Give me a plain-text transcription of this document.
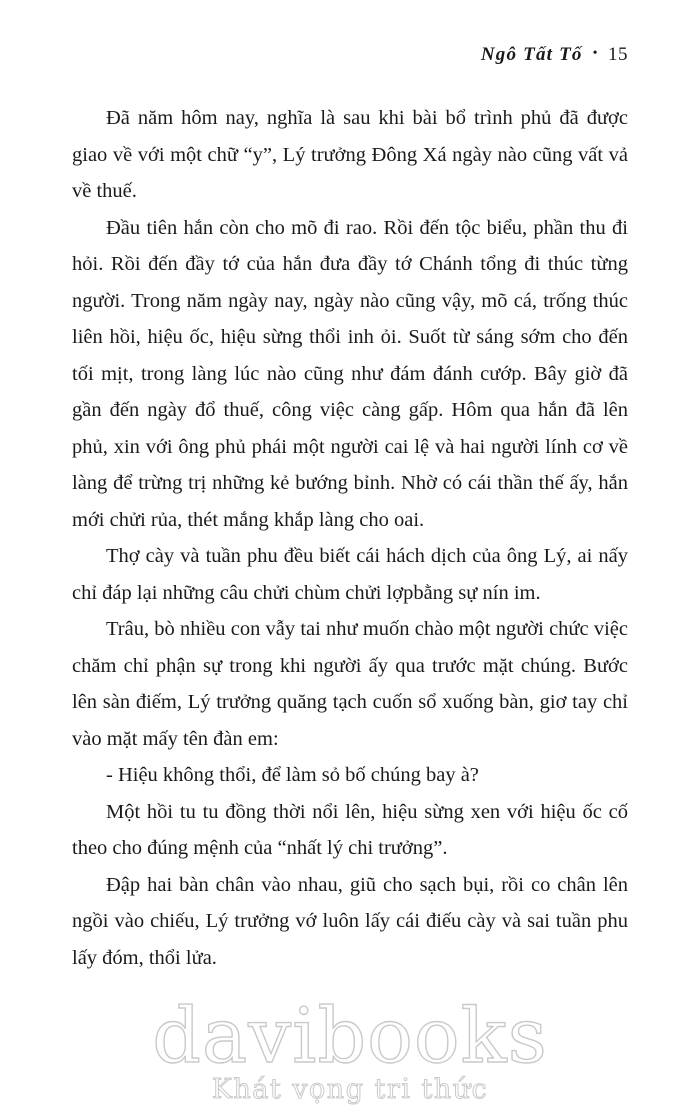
Ngô Tất Tố • 15

Đã năm hôm nay, nghĩa là sau khi bài bổ trình phủ đã được giao về với một chữ “y”, Lý trưởng Đông Xá ngày nào cũng vất vả về thuế.

Đầu tiên hắn còn cho mõ đi rao. Rồi đến tộc biểu, phần thu đi hỏi. Rồi đến đầy tớ của hắn đưa đầy tớ Chánh tổng đi thúc từng người. Trong năm ngày nay, ngày nào cũng vậy, mõ cá, trống thúc liên hồi, hiệu ốc, hiệu sừng thổi inh ỏi. Suốt từ sáng sớm cho đến tối mịt, trong làng lúc nào cũng như đám đánh cướp. Bây giờ đã gần đến ngày đổ thuế, công việc càng gấp. Hôm qua hắn đã lên phủ, xin với ông phủ phái một người cai lệ và hai người lính cơ về làng để trừng trị những kẻ bướng bỉnh. Nhờ có cái thần thế ấy, hắn mới chửi rủa, thét mắng khắp làng cho oai.

Thợ cày và tuần phu đều biết cái hách dịch của ông Lý, ai nấy chỉ đáp lại những câu chửi chùm chửi lợpbằng sự nín im.

Trâu, bò nhiều con vẫy tai như muốn chào một người chức việc chăm chỉ phận sự trong khi người ấy qua trước mặt chúng. Bước lên sàn điếm, Lý trưởng quăng tạch cuốn sổ xuống bàn, giơ tay chỉ vào mặt mấy tên đàn em:

- Hiệu không thổi, để làm sỏ bố chúng bay à?

Một hồi tu tu đồng thời nổi lên, hiệu sừng xen với hiệu ốc cố theo cho đúng mệnh của “nhất lý chi trưởng”.

Đập hai bàn chân vào nhau, giũ cho sạch bụi, rồi co chân lên ngồi vào chiếu, Lý trưởng vớ luôn lấy cái điếu cày và sai tuần phu lấy đóm, thổi lửa.

davibooks
Khát vọng tri thức
